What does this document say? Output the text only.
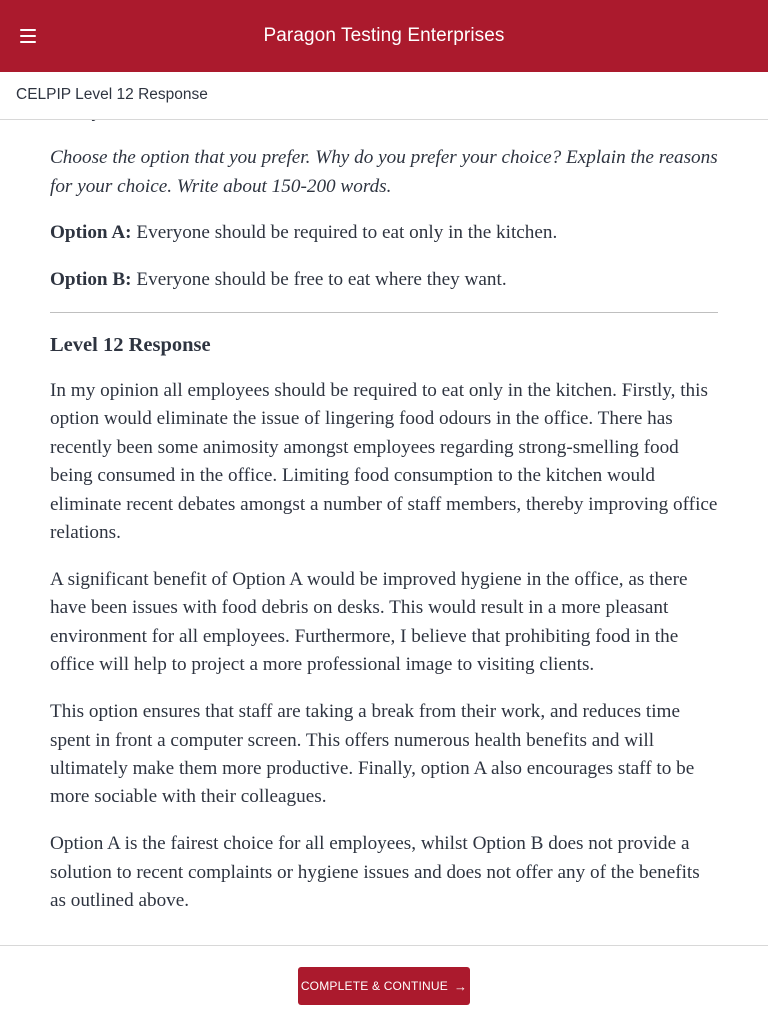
Paragon Testing Enterprises
CELPIP Level 12 Response

Choose the option that you prefer. Why do you prefer your choice? Explain the reasons for your choice. Write about 150-200 words.

Option A: Everyone should be required to eat only in the kitchen.

Option B: Everyone should be free to eat where they want.

Level 12 Response

In my opinion all employees should be required to eat only in the kitchen. Firstly, this option would eliminate the issue of lingering food odours in the office. There has recently been some animosity amongst employees regarding strong-smelling food being consumed in the office. Limiting food consumption to the kitchen would eliminate recent debates amongst a number of staff members, thereby improving office relations.

A significant benefit of Option A would be improved hygiene in the office, as there have been issues with food debris on desks. This would result in a more pleasant environment for all employees. Furthermore, I believe that prohibiting food in the office will help to project a more professional image to visiting clients.

This option ensures that staff are taking a break from their work, and reduces time spent in front a computer screen. This offers numerous health benefits and will ultimately make them more productive. Finally, option A also encourages staff to be more sociable with their colleagues.

Option A is the fairest choice for all employees, whilst Option B does not provide a solution to recent complaints or hygiene issues and does not offer any of the benefits as outlined above.

COMPLETE & CONTINUE →
